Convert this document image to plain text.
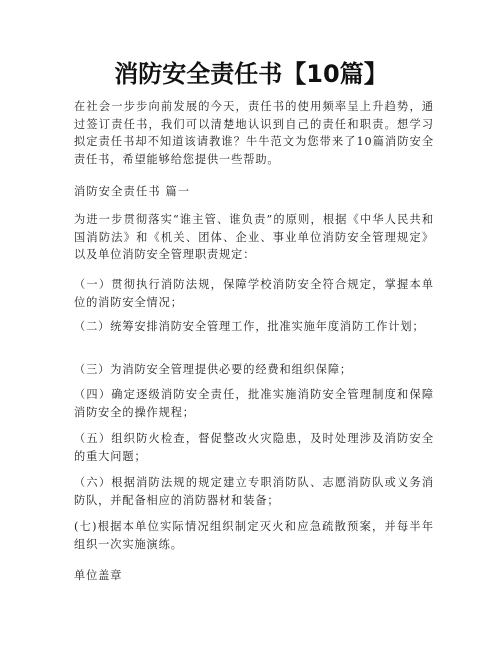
消防安全责任书【10篇】

在社会一步步向前发展的今天，责任书的使用频率呈上升趋势，通过签订责任书，我们可以清楚地认识到自己的责任和职责。想学习拟定责任书却不知道该请教谁？牛牛范文为您带来了10篇消防安全责任书，希望能够给您提供一些帮助。

消防安全责任书 篇一

为进一步贯彻落实“谁主管、谁负责”的原则，根据《中华人民共和国消防法》和《机关、团体、企业、事业单位消防安全管理规定》以及单位消防安全管理职责规定：

（一）贯彻执行消防法规，保障学校消防安全符合规定，掌握本单位的消防安全情况；

（二）统筹安排消防安全管理工作，批准实施年度消防工作计划；

（三）为消防安全管理提供必要的经费和组织保障；

（四）确定逐级消防安全责任，批准实施消防安全管理制度和保障消防安全的操作规程；

（五）组织防火检查，督促整改火灾隐患，及时处理涉及消防安全的重大问题；

（六）根据消防法规的规定建立专职消防队、志愿消防队或义务消防队，并配备相应的消防器材和装备；

(七)根据本单位实际情况组织制定灭火和应急疏散预案，并每半年组织一次实施演练。

单位盖章
